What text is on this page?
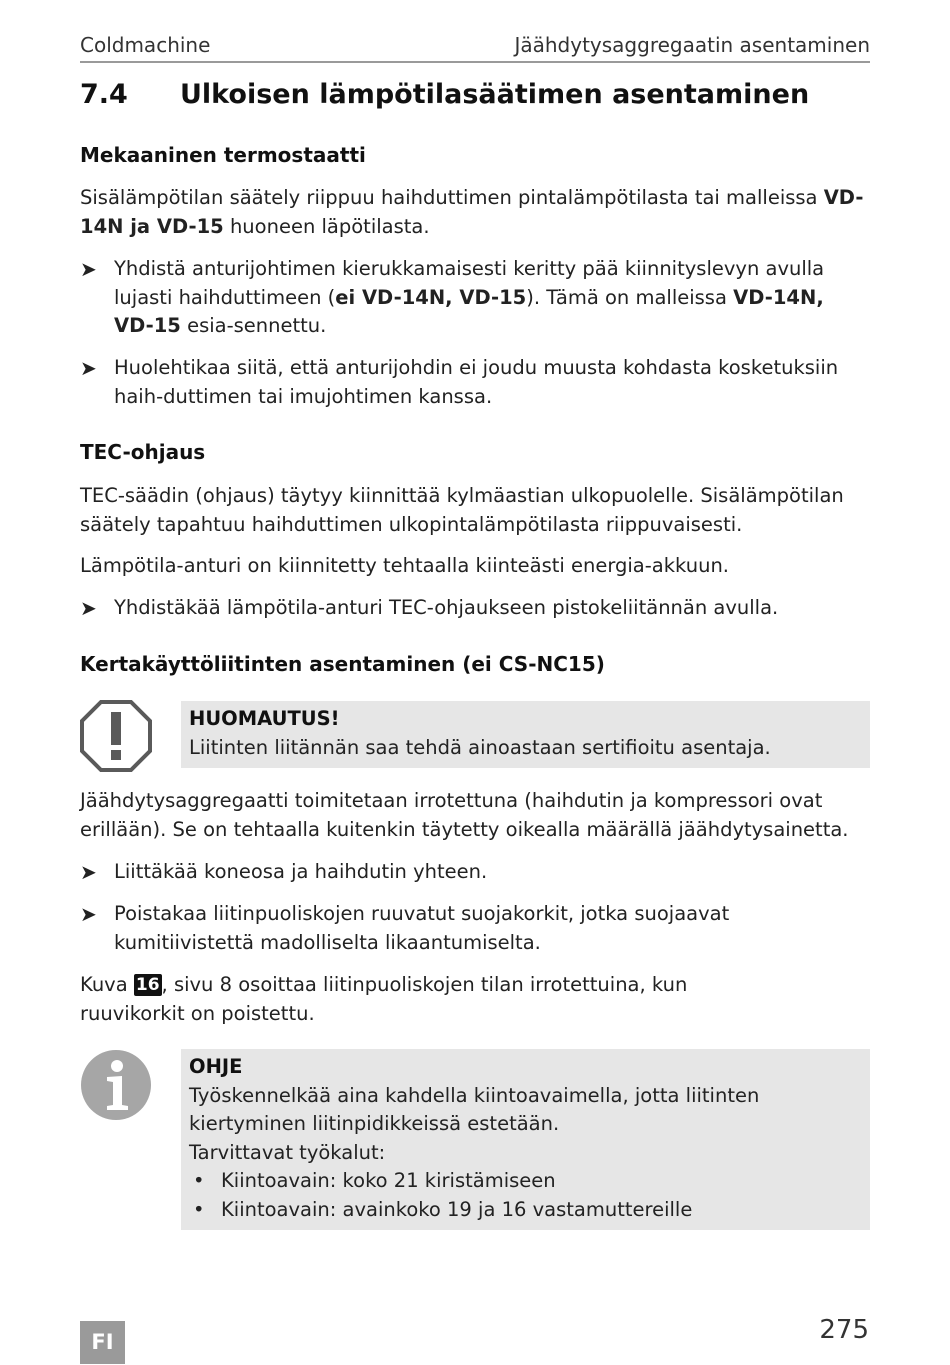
Coldmachine	Jäähdytysaggregaatin asentaminen
7.4 Ulkoisen lämpötilasäätimen asentaminen
Mekaaninen termostaatti
Sisälämpötilan säätely riippuu haihduttimen pintalämpötilasta tai malleissa VD-14N ja VD-15 huoneen läpötilasta.
➤ Yhdistä anturijohtimen kierukkamaisesti keritty pää kiinnityslevyn avulla lujasti haihduttimeen (ei VD-14N, VD-15). Tämä on malleissa VD-14N, VD-15 esia-sennettu.
➤ Huolehtikaa siitä, että anturijohdin ei joudu muusta kohdasta kosketuksiin haih-duttimen tai imujohtimen kanssa.
TEC-ohjaus
TEC-säädin (ohjaus) täytyy kiinnittää kylmäastian ulkopuolelle. Sisälämpötilan säätely tapahtuu haihduttimen ulkopintalämpötilasta riippuvaisesti.
Lämpötila-anturi on kiinnitetty tehtaalla kiinteästi energia-akkuun.
➤ Yhdistäkää lämpötila-anturi TEC-ohjaukseen pistokeliitännän avulla.
Kertakäyttöliitinten asentaminen (ei CS-NC15)
HUOMAUTUS!
Liitinten liitännän saa tehdä ainoastaan sertifioitu asentaja.
Jäähdytysaggregaatti toimitetaan irrotettuna (haihdutin ja kompressori ovat erillään). Se on tehtaalla kuitenkin täytetty oikealla määrällä jäähdytysainetta.
➤ Liittäkää koneosa ja haihdutin yhteen.
➤ Poistakaa liitinpuoliskojen ruuvatut suojakorkit, jotka suojaavat kumitiivistettä madolliselta likaantumiselta.
Kuva 16 , sivu 8 osoittaa liitinpuoliskojen tilan irrotettuina, kun ruuvikorkit on poistettu.
OHJE
Työskennelkää aina kahdella kiintoavaimella, jotta liitinten kiertyminen liitinpidikkeissä estetään.
Tarvittavat työkalut:
• Kiintoavain: koko 21 kiristämiseen
• Kiintoavain: avainkoko 19 ja 16 vastamuttereille
275
FI
